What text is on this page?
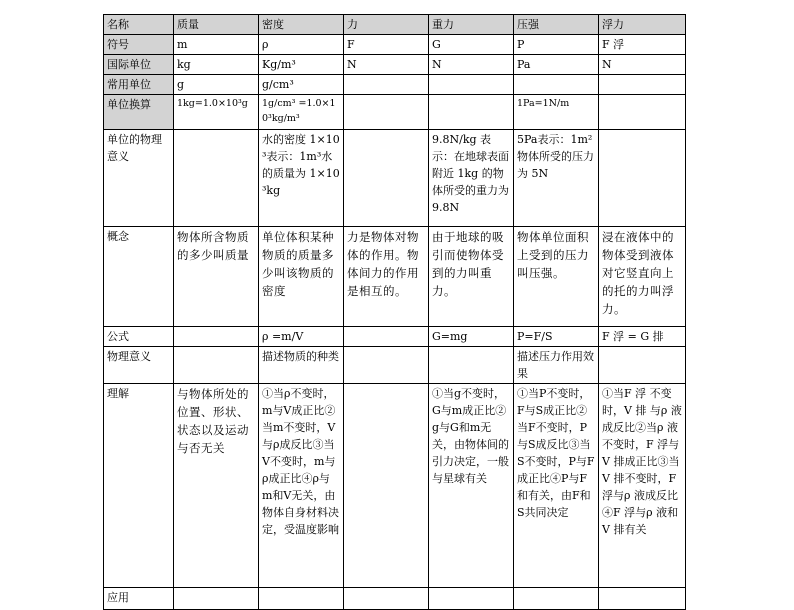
名称	质量	密度	力	重力	压强	浮力
符号	m	ρ	F	G	P	F 浮
国际单位	kg	Kg/m³	N	N	Pa	N
常用单位	g	g/cm³				
单位换算	1kg=1.0×10³g	1g/cm³ =1.0×10³kg/m³			1Pa=1N/m	
单位的物理意义		水的密度 1×10³表示：1m³水的质量为 1×10³kg		9.8N/kg 表示：在地球表面附近 1kg 的物体所受的重力为 9.8N	5Pa表示：1m²物体所受的压力为 5N	
概念	物体所含物质的多少叫质量	单位体积某种物质的质量多少叫该物质的密度	力是物体对物体的作用。物体间力的作用是相互的。	由于地球的吸引而使物体受到的力叫重力。	物体单位面积上受到的压力叫压强。	浸在液体中的物体受到液体对它竖直向上的托的力叫浮力。
公式		ρ =m/V		G=mg	P=F/S	F 浮 = G 排
物理意义		描述物质的种类			描述压力作用效果	
理解	与物体所处的位置、形状、状态以及运动与否无关	①当ρ不变时，m与V成正比②当m不变时，V与ρ成反比③当V不变时，m与ρ成正比④ρ与m和V无关，由物体自身材料决定，受温度影响		①当g不变时，G与m成正比②g与G和m无关，由物体间的引力决定，一般与星球有关	①当P不变时，F与S成正比②当F不变时，P与S成反比③当S不变时，P与F成正比④P与F和有关，由F和S共同决定	①当F 浮 不变时，V 排 与ρ 液 成反比②当ρ 液不变时，F 浮与V 排成正比③当V 排不变时，F 浮与ρ 液成反比④F 浮与ρ 液和V 排有关
应用						
